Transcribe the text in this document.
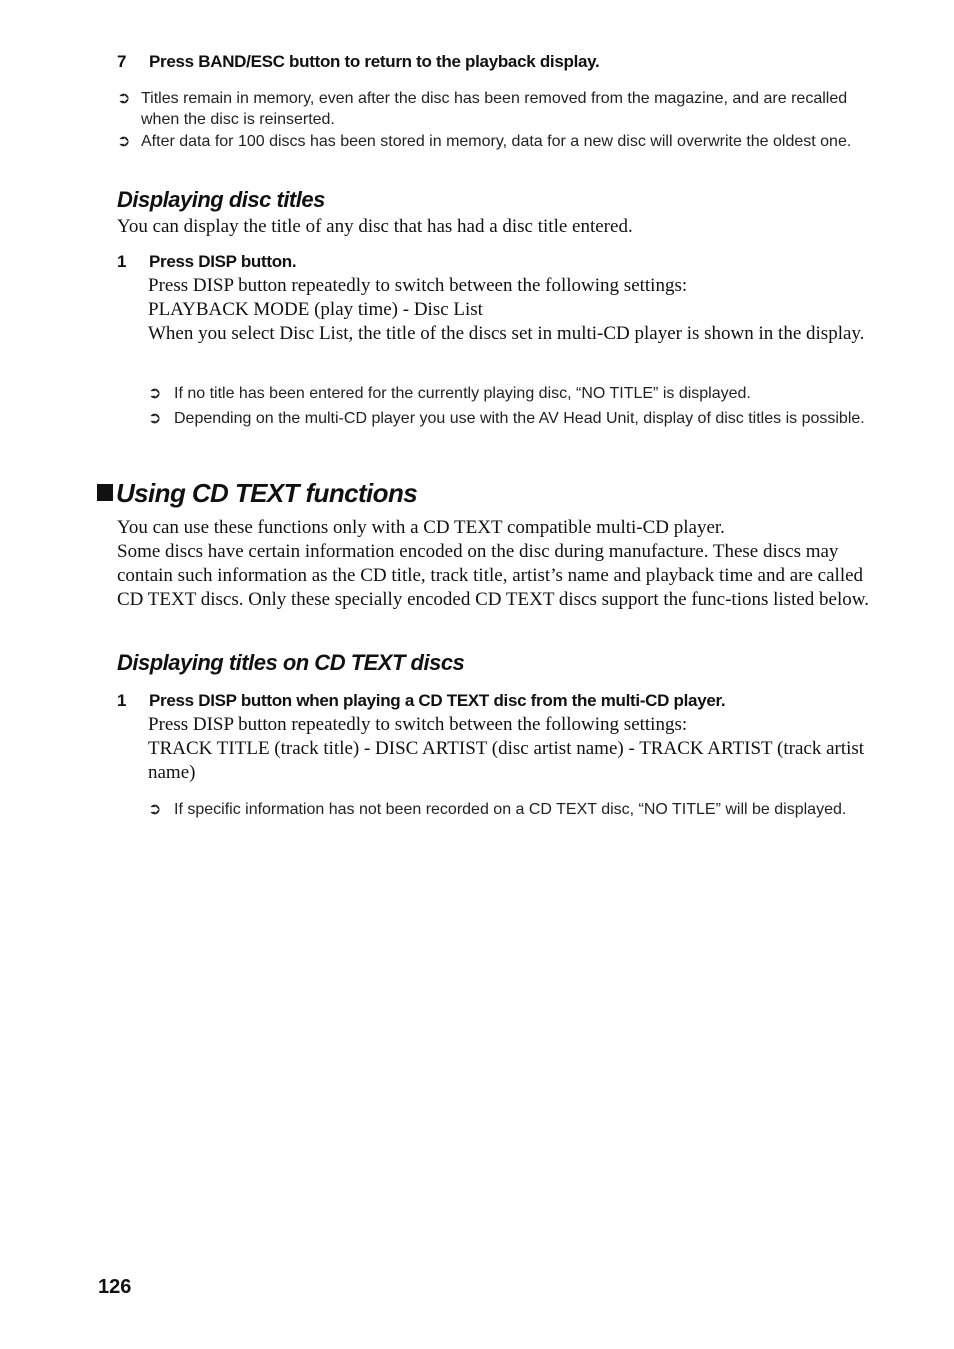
7 Press BAND/ESC button to return to the playback display.
➲ Titles remain in memory, even after the disc has been removed from the magazine, and are recalled when the disc is reinserted.
➲ After data for 100 discs has been stored in memory, data for a new disc will overwrite the oldest one.
Displaying disc titles
You can display the title of any disc that has had a disc title entered.
1 Press DISP button.
Press DISP button repeatedly to switch between the following settings:
PLAYBACK MODE (play time) - Disc List
When you select Disc List, the title of the discs set in multi-CD player is shown in the display.
➲ If no title has been entered for the currently playing disc, “NO TITLE” is displayed.
➲ Depending on the multi-CD player you use with the AV Head Unit, display of disc titles is possible.
Using CD TEXT functions
You can use these functions only with a CD TEXT compatible multi-CD player.
Some discs have certain information encoded on the disc during manufacture. These discs may contain such information as the CD title, track title, artist’s name and playback time and are called CD TEXT discs. Only these specially encoded CD TEXT discs support the func-tions listed below.
Displaying titles on CD TEXT discs
1 Press DISP button when playing a CD TEXT disc from the multi-CD player.
Press DISP button repeatedly to switch between the following settings:
TRACK TITLE (track title) - DISC ARTIST (disc artist name) - TRACK ARTIST (track artist name)
➲ If specific information has not been recorded on a CD TEXT disc, “NO TITLE” will be displayed.
126
